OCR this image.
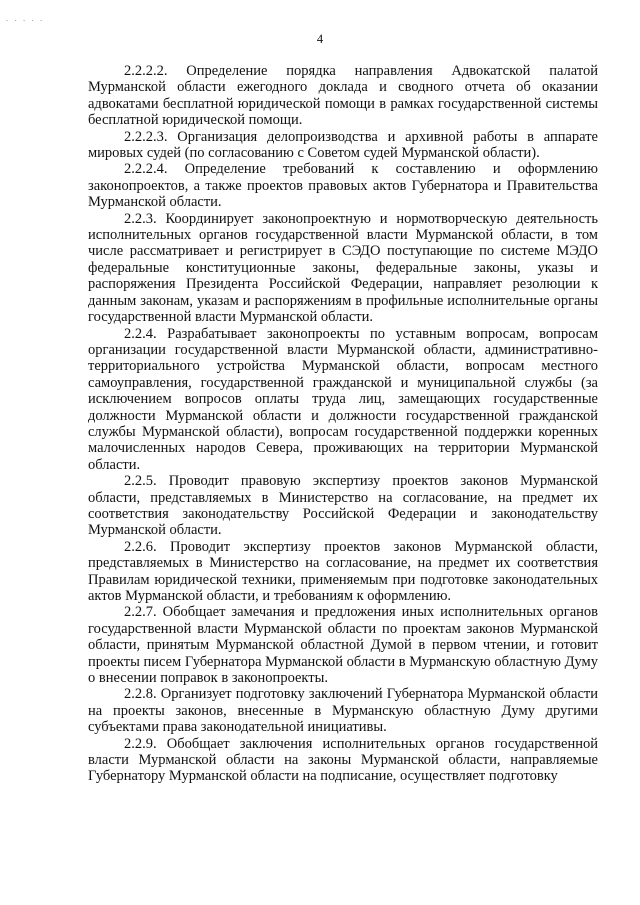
. . . . .
4

2.2.2.2. Определение порядка направления Адвокатской палатой Мурманской области ежегодного доклада и сводного отчета об оказании адвокатами бесплатной юридической помощи в рамках государственной системы бесплатной юридической помощи.

2.2.2.3. Организация делопроизводства и архивной работы в аппарате мировых судей (по согласованию с Советом судей Мурманской области).

2.2.2.4. Определение требований к составлению и оформлению законопроектов, а также проектов правовых актов Губернатора и Правительства Мурманской области.

2.2.3. Координирует законопроектную и нормотворческую деятельность исполнительных органов государственной власти Мурманской области, в том числе рассматривает и регистрирует в СЭДО поступающие по системе МЭДО федеральные конституционные законы, федеральные законы, указы и распоряжения Президента Российской Федерации, направляет резолюции к данным законам, указам и распоряжениям в профильные исполнительные органы государственной власти Мурманской области.

2.2.4. Разрабатывает законопроекты по уставным вопросам, вопросам организации государственной власти Мурманской области, административно-территориального устройства Мурманской области, вопросам местного самоуправления, государственной гражданской и муниципальной службы (за исключением вопросов оплаты труда лиц, замещающих государственные должности Мурманской области и должности государственной гражданской службы Мурманской области), вопросам государственной поддержки коренных малочисленных народов Севера, проживающих на территории Мурманской области.

2.2.5. Проводит правовую экспертизу проектов законов Мурманской области, представляемых в Министерство на согласование, на предмет их соответствия законодательству Российской Федерации и законодательству Мурманской области.

2.2.6. Проводит экспертизу проектов законов Мурманской области, представляемых в Министерство на согласование, на предмет их соответствия Правилам юридической техники, применяемым при подготовке законодательных актов Мурманской области, и требованиям к оформлению.

2.2.7. Обобщает замечания и предложения иных исполнительных органов государственной власти Мурманской области по проектам законов Мурманской области, принятым Мурманской областной Думой в первом чтении, и готовит проекты писем Губернатора Мурманской области в Мурманскую областную Думу о внесении поправок в законопроекты.

2.2.8. Организует подготовку заключений Губернатора Мурманской области на проекты законов, внесенные в Мурманскую областную Думу другими субъектами права законодательной инициативы.

2.2.9. Обобщает заключения исполнительных органов государственной власти Мурманской области на законы Мурманской области, направляемые Губернатору Мурманской области на подписание, осуществляет подготовку
